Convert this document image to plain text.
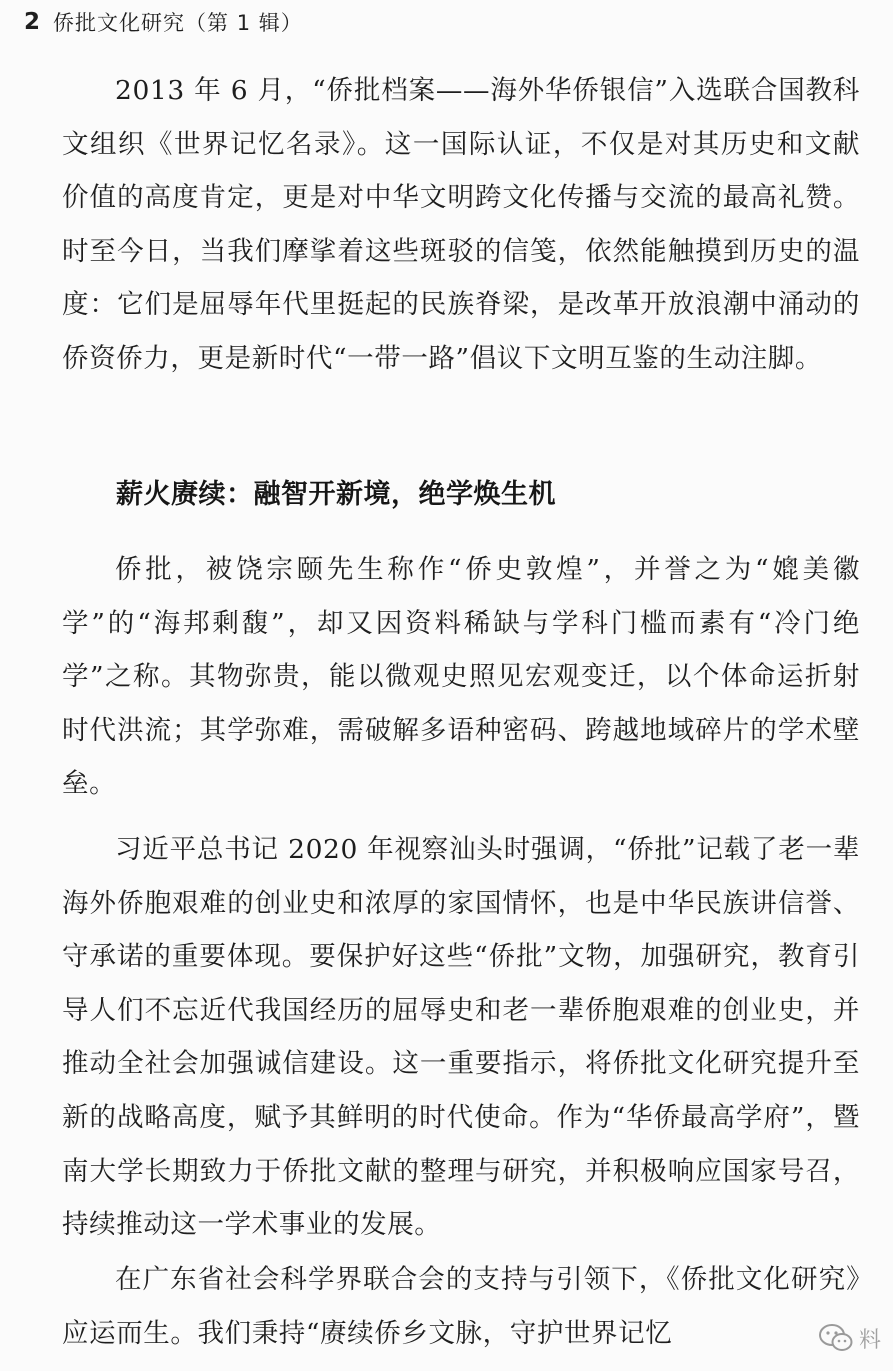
2 侨批文化研究（第 1 辑）

2013 年 6 月，“侨批档案——海外华侨银信”入选联合国教科文组织《世界记忆名录》。这一国际认证，不仅是对其历史和文献价值的高度肯定，更是对中华文明跨文化传播与交流的最高礼赞。时至今日，当我们摩挲着这些斑驳的信笺，依然能触摸到历史的温度：它们是屈辱年代里挺起的民族脊梁，是改革开放浪潮中涌动的侨资侨力，更是新时代“一带一路”倡议下文明互鉴的生动注脚。

薪火赓续：融智开新境，绝学焕生机

侨批，被饶宗颐先生称作“侨史敦煌”，并誉之为“媲美徽学”的“海邦剩馥”，却又因资料稀缺与学科门槛而素有“冷门绝学”之称。其物弥贵，能以微观史照见宏观变迁，以个体命运折射时代洪流；其学弥难，需破解多语种密码、跨越地域碎片的学术壁垒。

习近平总书记 2020 年视察汕头时强调，“侨批”记载了老一辈海外侨胞艰难的创业史和浓厚的家国情怀，也是中华民族讲信誉、守承诺的重要体现。要保护好这些“侨批”文物，加强研究，教育引导人们不忘近代我国经历的屈辱史和老一辈侨胞艰难的创业史，并推动全社会加强诚信建设。这一重要指示，将侨批文化研究提升至新的战略高度，赋予其鲜明的时代使命。作为“华侨最高学府”，暨南大学长期致力于侨批文献的整理与研究，并积极响应国家号召，持续推动这一学术事业的发展。

在广东省社会科学界联合会的支持与引领下，《侨批文化研究》应运而生。我们秉持“赓续侨乡文脉，守护世界记忆	料
